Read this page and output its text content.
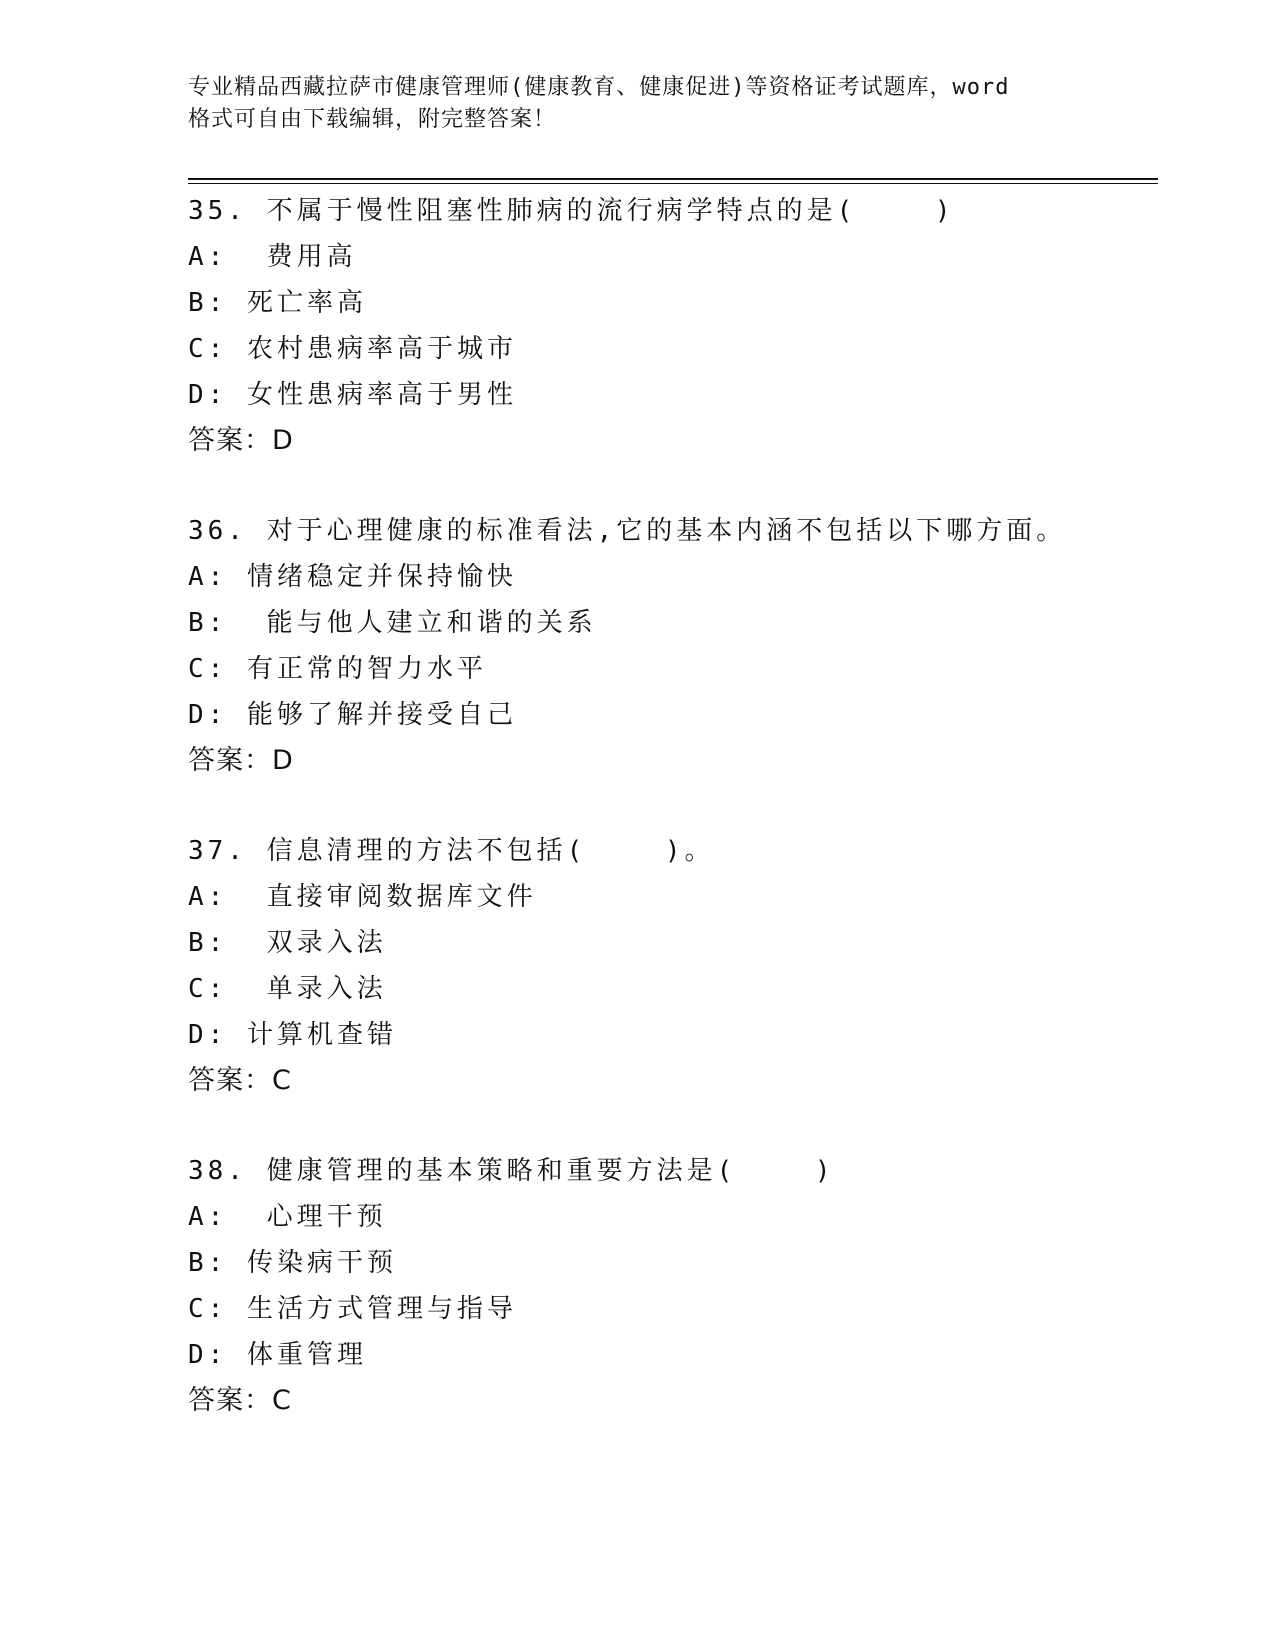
专业精品西藏拉萨市健康管理师(健康教育、健康促进)等资格证考试题库，word
格式可自由下载编辑，附完整答案！
35. 不属于慢性阻塞性肺病的流行病学特点的是(    )
A:  费用高
B: 死亡率高
C: 农村患病率高于城市
D: 女性患病率高于男性
答案：D
36. 对于心理健康的标准看法,它的基本内涵不包括以下哪方面。
A: 情绪稳定并保持愉快
B:  能与他人建立和谐的关系
C: 有正常的智力水平
D: 能够了解并接受自己
答案：D
37. 信息清理的方法不包括(    )。
A:  直接审阅数据库文件
B:  双录入法
C:  单录入法
D: 计算机查错
答案：C
38. 健康管理的基本策略和重要方法是(    )
A:  心理干预
B: 传染病干预
C: 生活方式管理与指导
D: 体重管理
答案：C
